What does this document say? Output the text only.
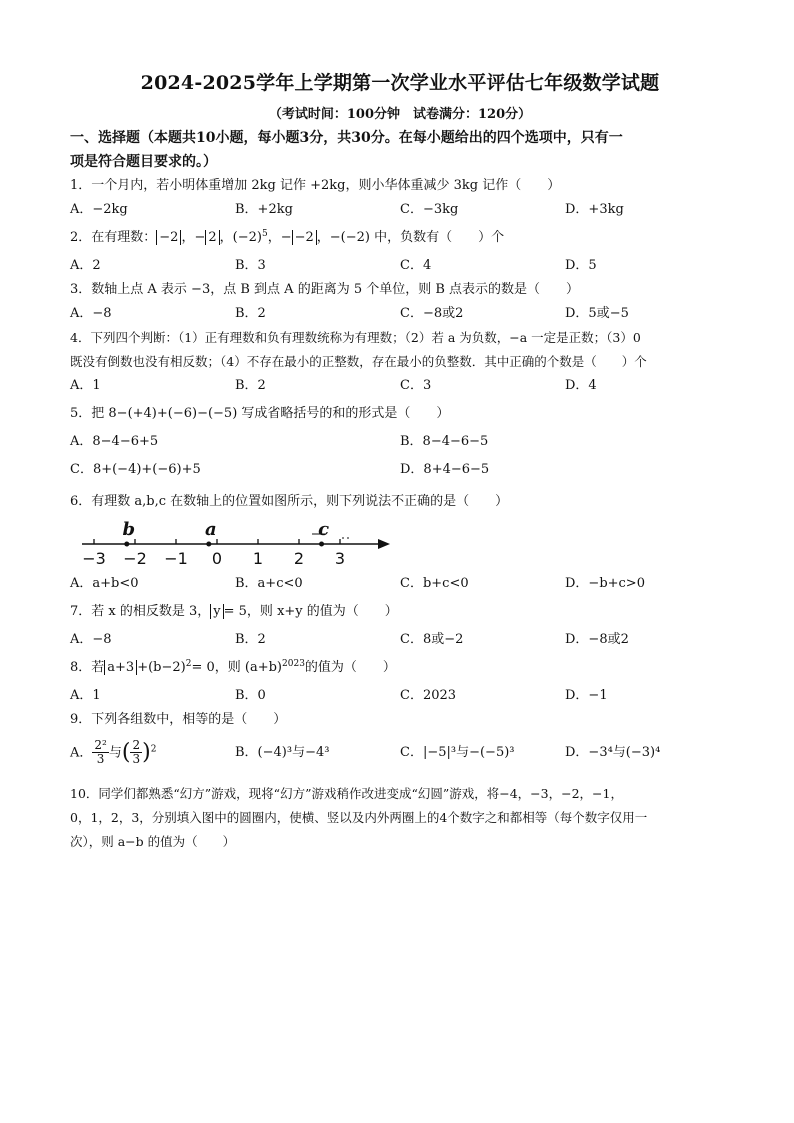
2024-2025学年上学期第一次学业水平评估七年级数学试题
（考试时间：100分钟　试卷满分：120分）
一、选择题（本题共10小题，每小题3分，共30分。在每小题给出的四个选项中，只有一
项是符合题目要求的。）
1．一个月内，若小明体重增加 2kg 记作 +2kg，则小华体重减少 3kg 记作（　　）
A．−2kg	B．+2kg	C．−3kg	D．+3kg
2．在有理数： −2 ，− 2 ，$(-2)^5$，− −2 ，−(−2) 中，负数有（　　）个
A．2	B．3	C．4	D．5
3．数轴上点 A 表示 −3，点 B 到点 A 的距离为 5 个单位，则 B 点表示的数是（　　）
A．−8	B．2	C．−8或2	D．5或−5
4．下列四个判断：（1）正有理数和负有理数统称为有理数；（2）若 a 为负数，−a 一定是正数；（3）0
既没有倒数也没有相反数；（4）不存在最小的正整数，存在最小的负整数．其中正确的个数是（　　）个
A．1	B．2	C．3	D．4
5．把 8−(+4)+(−6)−(−5) 写成省略括号的和的形式是（　　）
A．8−4−6+5	B．8−4−6−5
C．8+(−4)+(−6)+5	D．8+4−6−5
6．有理数 a,b,c 在数轴上的位置如图所示，则下列说法不正确的是（　　）
−3 −2 −1 0 1 2 3
b	a	c
A．a+b<0	B．a+c<0	C．b+c<0	D．−b+c>0
7．若 x 的相反数是 3， y = 5，则 x+y 的值为（　　）
A．−8	B．2	C．8或−2	D．−8或2
8．若 $a+3 +(b-2)^2= 0$，则 $(a+b)^{2023}$的值为（　　）
A．1	B．0	C．2023	D．−1
9．下列各组数中，相等的是（　　）
A． $\frac{\text{2²}}{3}$ 与( $\frac{2}{3} )^2$	B．(−4)³与−4³	C．|−5|³与−(−5)³	D．−3⁴与(−3)⁴
10．同学们都熟悉“幻方”游戏，现将“幻方”游戏稍作改进变成“幻圆”游戏，将−4，−3，−2，−1，
0，1，2，3，分别填入图中的圆圈内，使横、竖以及内外两圈上的4个数字之和都相等（每个数字仅用一
次），则 a−b 的值为（　　）
